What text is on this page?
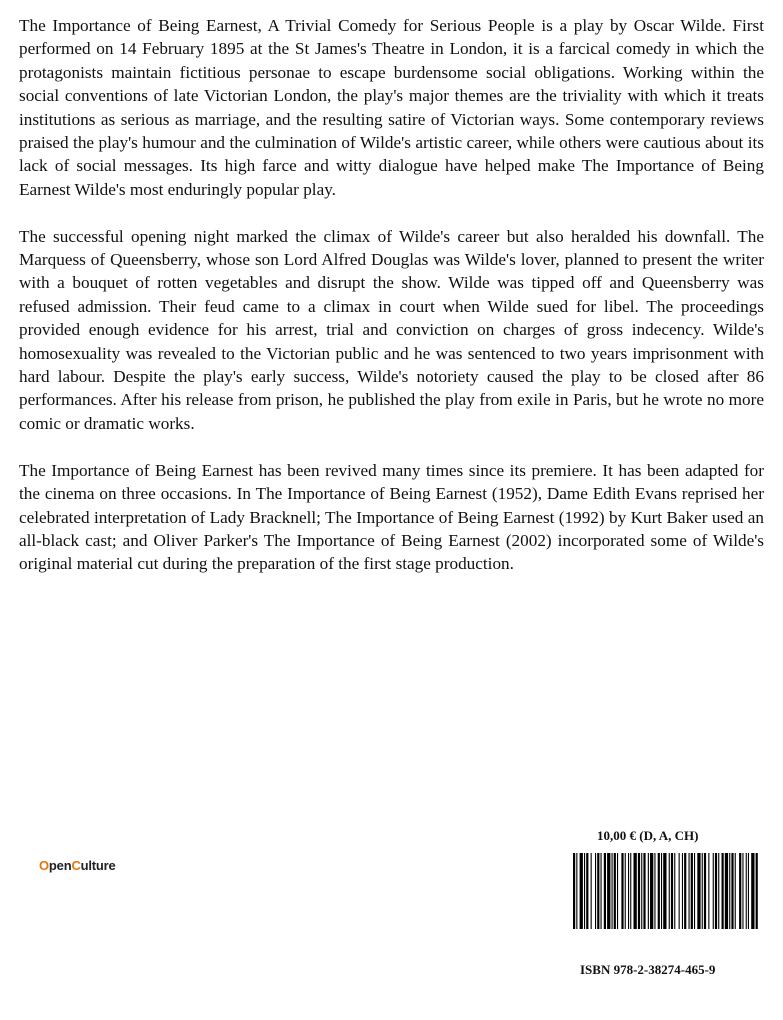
The Importance of Being Earnest, A Trivial Comedy for Serious People is a play by Oscar Wilde. First performed on 14 February 1895 at the St James's Theatre in London, it is a farcical comedy in which the protagonists maintain fictitious personae to escape burdensome social obligations. Working within the social conventions of late Victorian London, the play's major themes are the triviality with which it treats institutions as serious as marriage, and the resulting satire of Victorian ways. Some contemporary reviews praised the play's humour and the culmination of Wilde's artistic career, while others were cautious about its lack of social messages. Its high farce and witty dialogue have helped make The Importance of Being Earnest Wilde's most enduringly popular play.

The successful opening night marked the climax of Wilde's career but also heralded his downfall. The Marquess of Queensberry, whose son Lord Alfred Douglas was Wilde's lover, planned to present the writer with a bouquet of rotten vegetables and disrupt the show. Wilde was tipped off and Queensberry was refused admission. Their feud came to a climax in court when Wilde sued for libel. The proceedings provided enough evidence for his arrest, trial and conviction on charges of gross indecency. Wilde's homosexuality was revealed to the Victorian public and he was sentenced to two years imprisonment with hard labour. Despite the play's early success, Wilde's notoriety caused the play to be closed after 86 performances. After his release from prison, he published the play from exile in Paris, but he wrote no more comic or dramatic works.

The Importance of Being Earnest has been revived many times since its premiere. It has been adapted for the cinema on three occasions. In The Importance of Being Earnest (1952), Dame Edith Evans reprised her celebrated interpretation of Lady Bracknell; The Importance of Being Earnest (1992) by Kurt Baker used an all-black cast; and Oliver Parker's The Importance of Being Earnest (2002) incorporated some of Wilde's original material cut during the preparation of the first stage production.

OpenCulture
10,00 € (D, A, CH)
ISBN 978-2-38274-465-9
